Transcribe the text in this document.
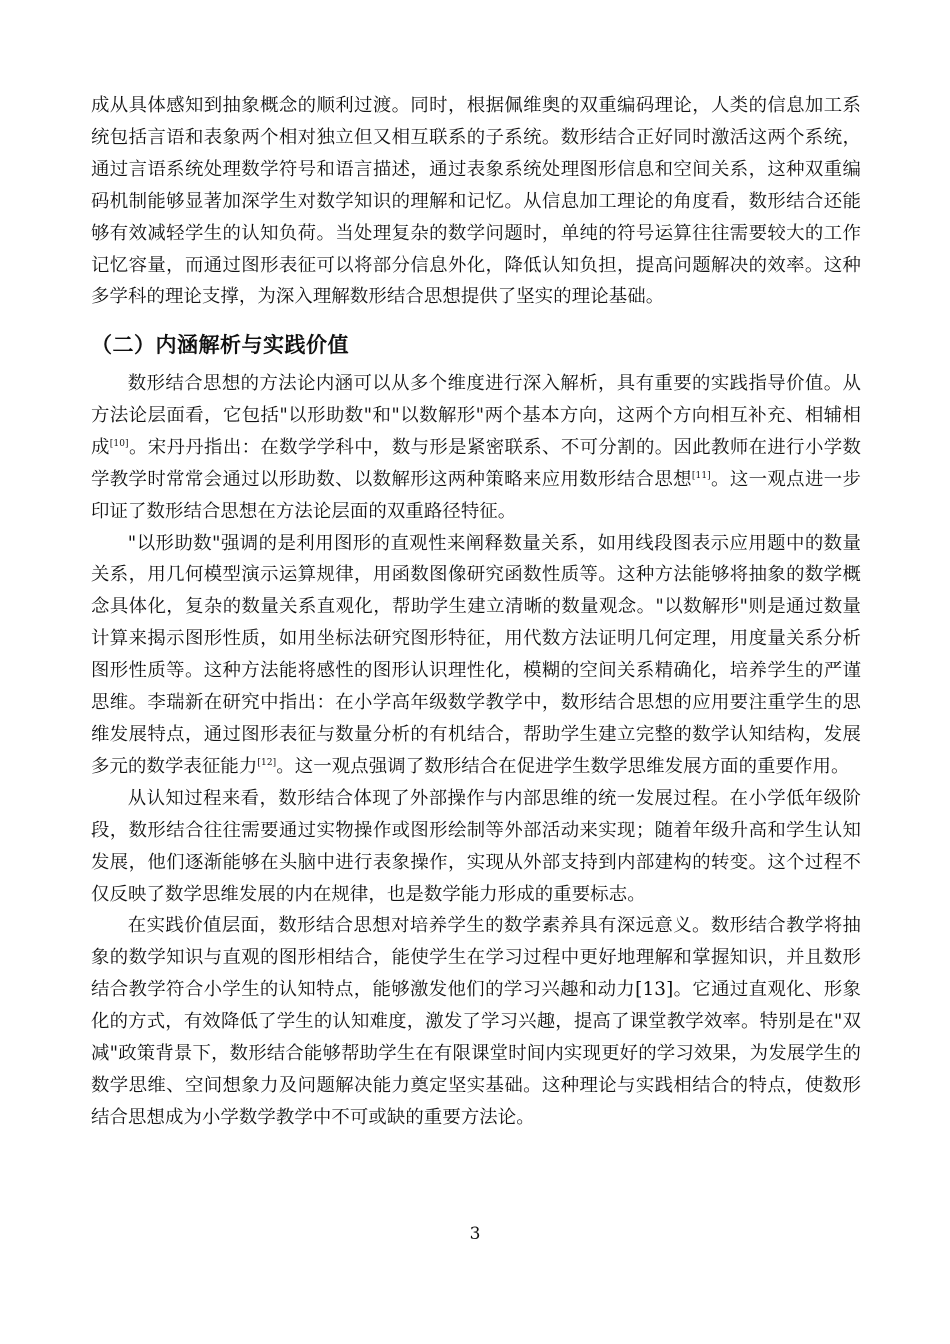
成从具体感知到抽象概念的顺利过渡。同时，根据佩维奥的双重编码理论，人类的信息加工系统包括言语和表象两个相对独立但又相互联系的子系统。数形结合正好同时激活这两个系统，通过言语系统处理数学符号和语言描述，通过表象系统处理图形信息和空间关系，这种双重编码机制能够显著加深学生对数学知识的理解和记忆。从信息加工理论的角度看，数形结合还能够有效减轻学生的认知负荷。当处理复杂的数学问题时，单纯的符号运算往往需要较大的工作记忆容量，而通过图形表征可以将部分信息外化，降低认知负担，提高问题解决的效率。这种多学科的理论支撑，为深入理解数形结合思想提供了坚实的理论基础。

（二）内涵解析与实践价值

数形结合思想的方法论内涵可以从多个维度进行深入解析，具有重要的实践指导价值。从方法论层面看，它包括"以形助数"和"以数解形"两个基本方向，这两个方向相互补充、相辅相成[10]。宋丹丹指出：在数学学科中，数与形是紧密联系、不可分割的。因此教师在进行小学数学教学时常常会通过以形助数、以数解形这两种策略来应用数形结合思想[11]。这一观点进一步印证了数形结合思想在方法论层面的双重路径特征。

"以形助数"强调的是利用图形的直观性来阐释数量关系，如用线段图表示应用题中的数量关系，用几何模型演示运算规律，用函数图像研究函数性质等。这种方法能够将抽象的数学概念具体化，复杂的数量关系直观化，帮助学生建立清晰的数量观念。"以数解形"则是通过数量计算来揭示图形性质，如用坐标法研究图形特征，用代数方法证明几何定理，用度量关系分析图形性质等。这种方法能将感性的图形认识理性化，模糊的空间关系精确化，培养学生的严谨思维。李瑞新在研究中指出：在小学高年级数学教学中，数形结合思想的应用要注重学生的思维发展特点，通过图形表征与数量分析的有机结合，帮助学生建立完整的数学认知结构，发展多元的数学表征能力[12]。这一观点强调了数形结合在促进学生数学思维发展方面的重要作用。

从认知过程来看，数形结合体现了外部操作与内部思维的统一发展过程。在小学低年级阶段，数形结合往往需要通过实物操作或图形绘制等外部活动来实现；随着年级升高和学生认知发展，他们逐渐能够在头脑中进行表象操作，实现从外部支持到内部建构的转变。这个过程不仅反映了数学思维发展的内在规律，也是数学能力形成的重要标志。

在实践价值层面，数形结合思想对培养学生的数学素养具有深远意义。数形结合教学将抽象的数学知识与直观的图形相结合，能使学生在学习过程中更好地理解和掌握知识，并且数形结合教学符合小学生的认知特点，能够激发他们的学习兴趣和动力[13]。它通过直观化、形象化的方式，有效降低了学生的认知难度，激发了学习兴趣，提高了课堂教学效率。特别是在"双减"政策背景下，数形结合能够帮助学生在有限课堂时间内实现更好的学习效果，为发展学生的数学思维、空间想象力及问题解决能力奠定坚实基础。这种理论与实践相结合的特点，使数形结合思想成为小学数学教学中不可或缺的重要方法论。

3
